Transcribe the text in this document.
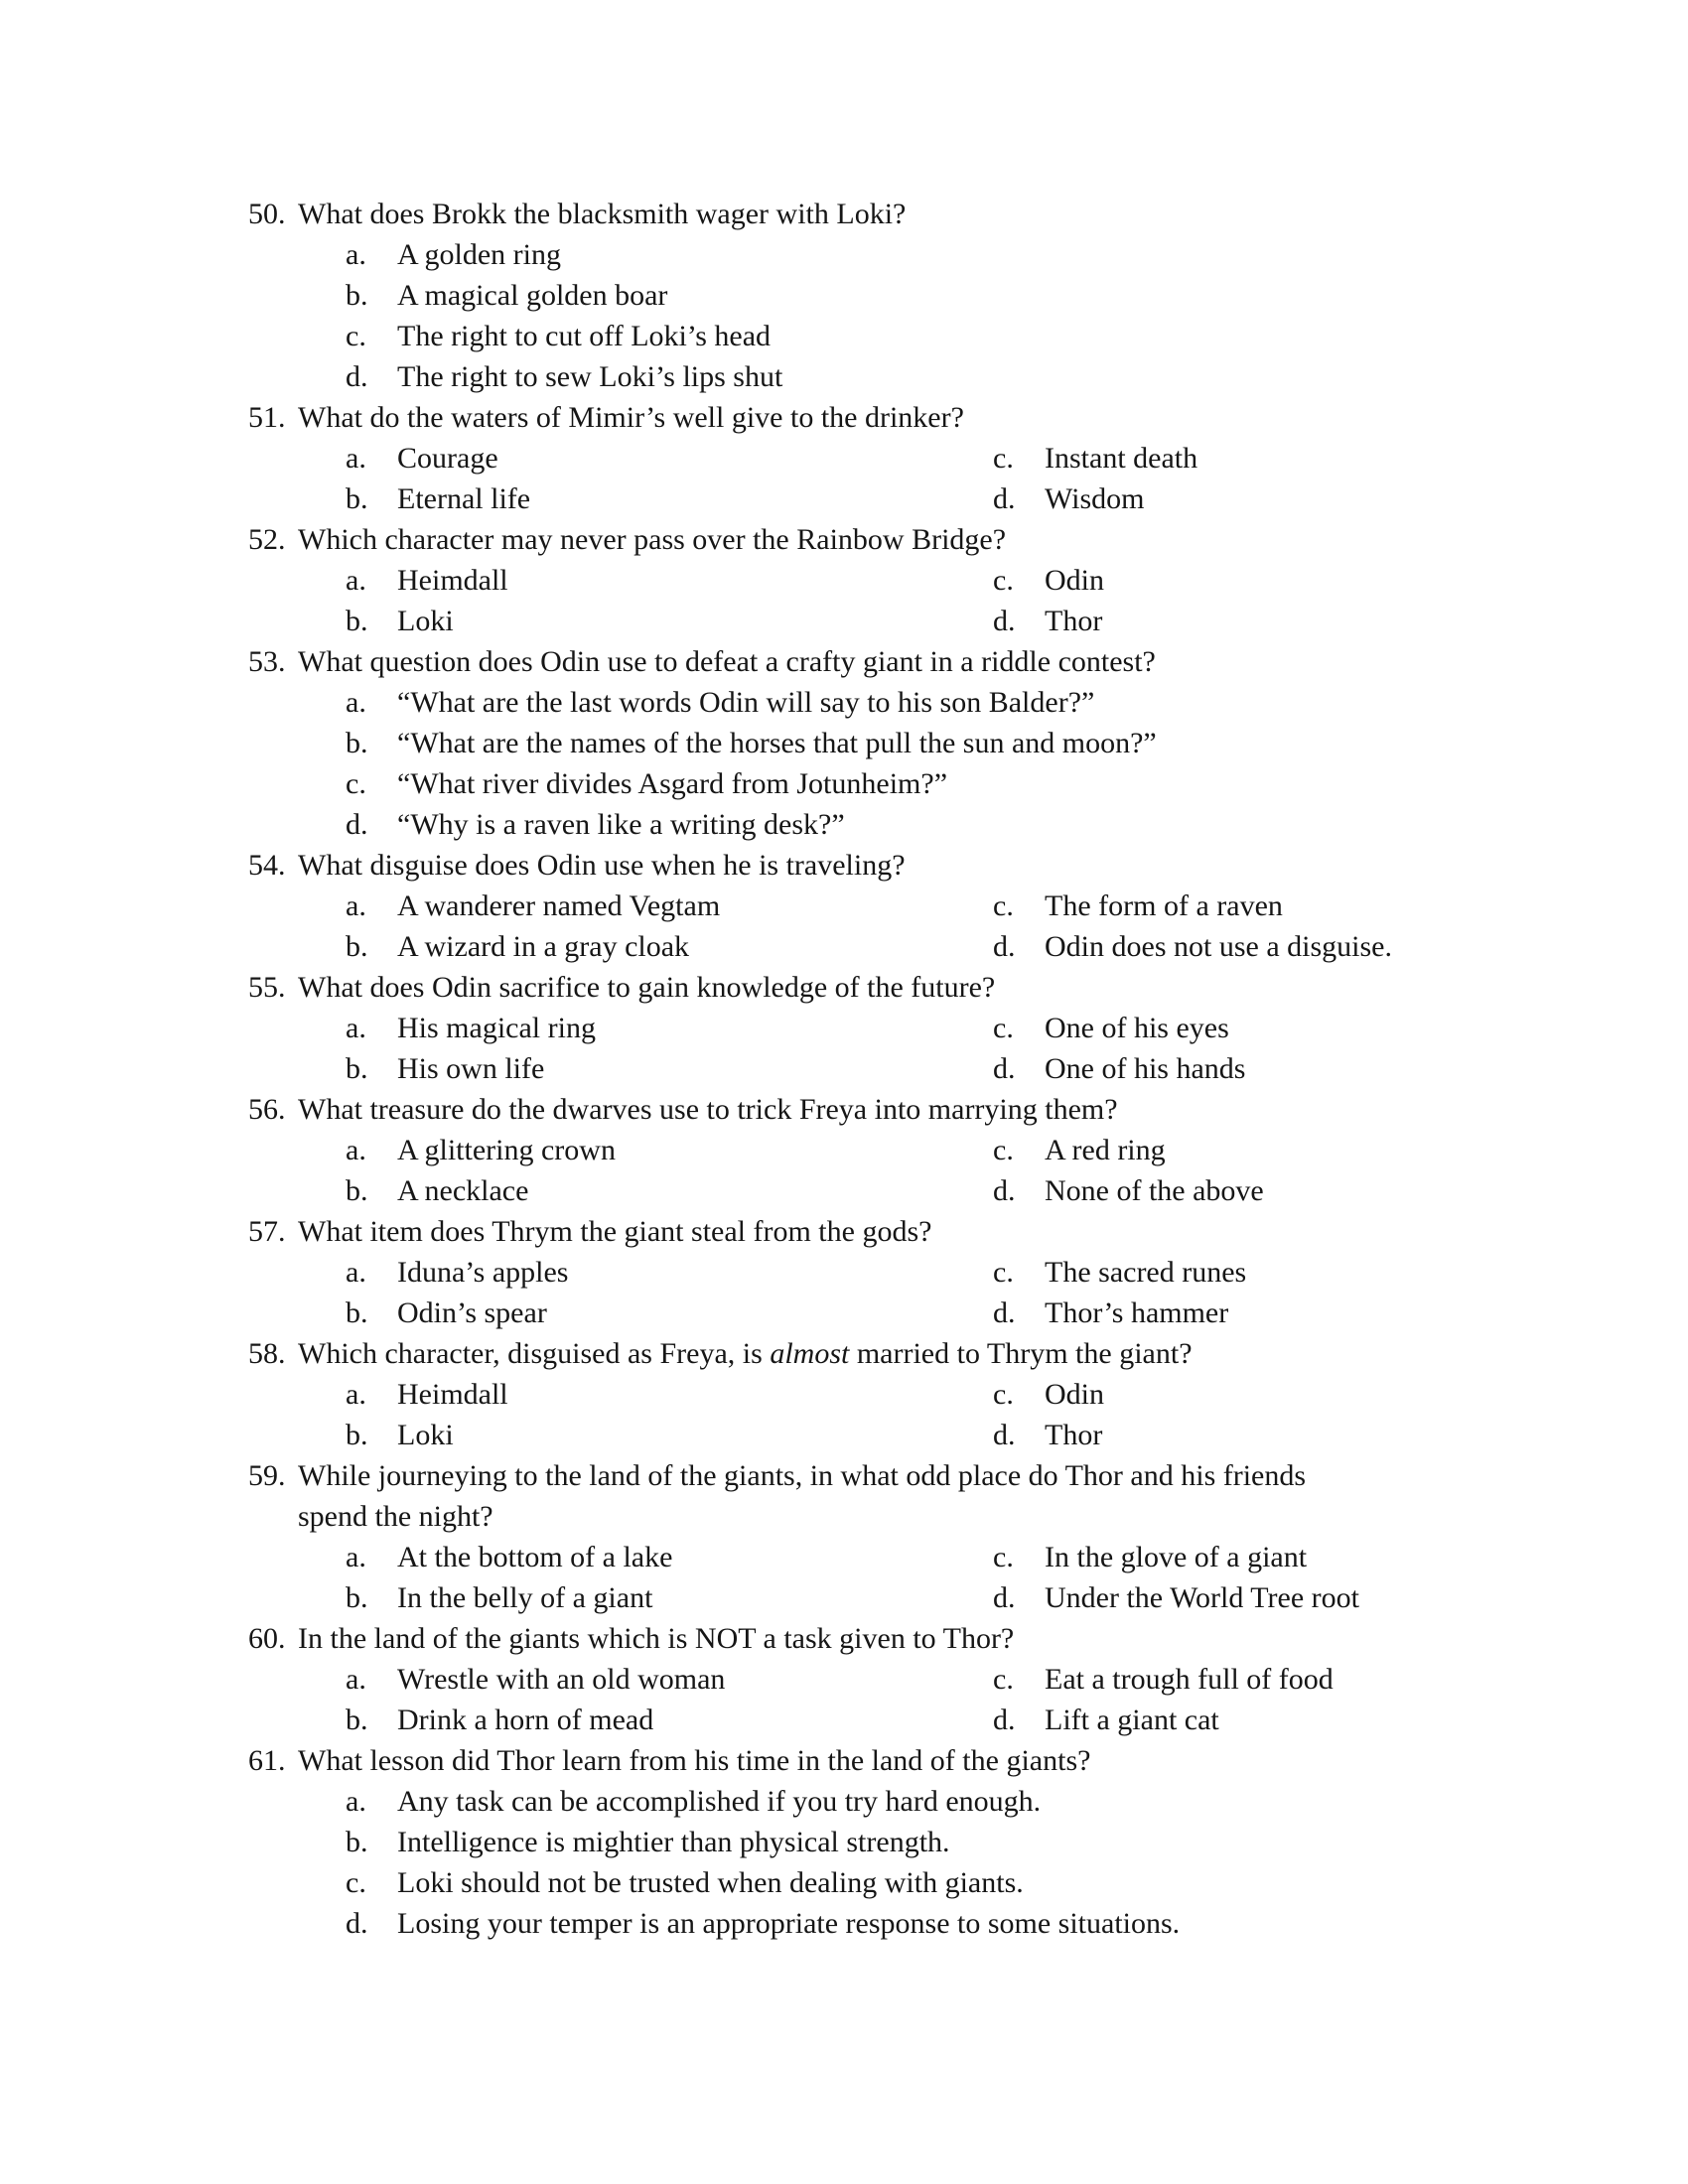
50. What does Brokk the blacksmith wager with Loki?
a.	A golden ring
b. A magical golden boar
c.	The right to cut off Loki’s head
d. The right to sew Loki’s lips shut
51. What do the waters of Mimir’s well give to the drinker?
a.	Courage
b. Eternal life
c.	Instant death
d. Wisdom
52. Which character may never pass over the Rainbow Bridge?
a.	Heimdall
b. Loki
c.	Odin
d. Thor
53. What question does Odin use to defeat a crafty giant in a riddle contest?
a.	“What are the last words Odin will say to his son Balder?”
b. “What are the names of the horses that pull the sun and moon?”
c.	“What river divides Asgard from Jotunheim?”
d. “Why is a raven like a writing desk?”
54. What disguise does Odin use when he is traveling?
a.	A wanderer named Vegtam
b. A wizard in a gray cloak
c.	The form of a raven
d. Odin does not use a disguise.
55. What does Odin sacrifice to gain knowledge of the future?
a.	His magical ring
b. His own life
c.	One of his eyes
d. One of his hands
56. What treasure do the dwarves use to trick Freya into marrying them?
a.	A glittering crown
b. A necklace
c.	A red ring
d. None of the above
57. What item does Thrym the giant steal from the gods?
a.	Iduna’s apples
b. Odin’s spear
c.	The sacred runes
d. Thor’s hammer
58. Which character, disguised as Freya, is almost married to Thrym the giant?
a.	Heimdall
b. Loki
c.	Odin
d. Thor
59. While journeying to the land of the giants, in what odd place do Thor and his friends
spend the night?
a.	At the bottom of a lake
b. In the belly of a giant
c.	In the glove of a giant
d. Under the World Tree root
60. In the land of the giants which is NOT a task given to Thor?
a.	Wrestle with an old woman
b. Drink a horn of mead
c.	Eat a trough full of food
d. Lift a giant cat
61. What lesson did Thor learn from his time in the land of the giants?
a.	Any task can be accomplished if you try hard enough.
b. Intelligence is mightier than physical strength.
c.	Loki should not be trusted when dealing with giants.
d. Losing your temper is an appropriate response to some situations.
